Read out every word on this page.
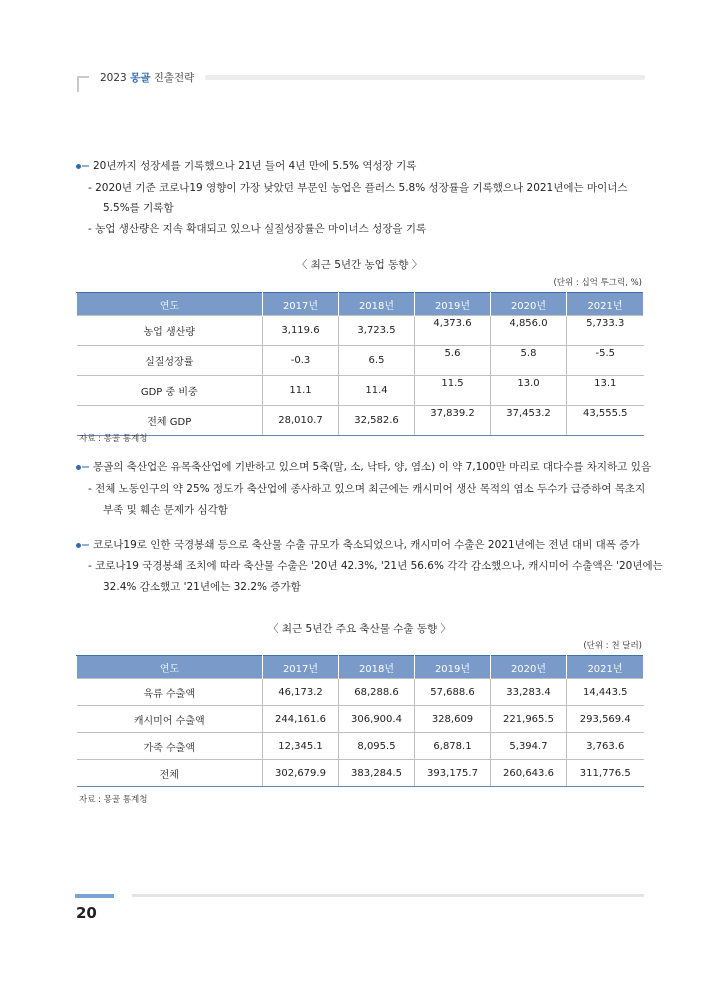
2023 몽골 진출전략
20년까지 성장세를 기록했으나 21년 들어 4년 만에 5.5% 역성장 기록
- 2020년 기준 코로나19 영향이 가장 낮았던 부문인 농업은 플러스 5.8% 성장률을 기록했으나 2021년에는 마이너스
5.5%를 기록함
- 농업 생산량은 지속 확대되고 있으나 실질성장률은 마이너스 성장을 기록
〈 최근 5년간 농업 동향 〉
(단위 : 십억 투그릭, %)
연도	2017년	2018년	2019년	2020년	2021년
농업 생산량	3,119.6	3,723.5	4,373.6	4,856.0	5,733.3
실질성장률	-0.3	6.5	5.6	5.8	-5.5
GDP 중 비중	11.1	11.4	11.5	13.0	13.1
전체 GDP	28,010.7	32,582.6	37,839.2	37,453.2	43,555.5
자료 : 몽골 통계청
몽골의 축산업은 유목축산업에 기반하고 있으며 5축(말, 소, 낙타, 양, 염소) 이 약 7,100만 마리로 대다수를 차지하고 있음
- 전체 노동인구의 약 25% 정도가 축산업에 종사하고 있으며 최근에는 캐시미어 생산 목적의 염소 두수가 급증하여 목초지
부족 및 훼손 문제가 심각함
코로나19로 인한 국경봉쇄 등으로 축산물 수출 규모가 축소되었으나, 캐시미어 수출은 2021년에는 전년 대비 대폭 증가
- 코로나19 국경봉쇄 조치에 따라 축산물 수출은 '20년 42.3%, '21년 56.6% 각각 감소했으나, 캐시미어 수출액은 '20년에는
32.4% 감소했고 '21년에는 32.2% 증가함
〈 최근 5년간 주요 축산물 수출 동향 〉
(단위 : 천 달러)
연도	2017년	2018년	2019년	2020년	2021년
육류 수출액	46,173.2	68,288.6	57,688.6	33,283.4	14,443.5
캐시미어 수출액	244,161.6	306,900.4	328,609	221,965.5	293,569.4
가죽 수출액	12,345.1	8,095.5	6,878.1	5,394.7	3,763.6
전체	302,679.9	383,284.5	393,175.7	260,643.6	311,776.5
자료 : 몽골 통계청
20
